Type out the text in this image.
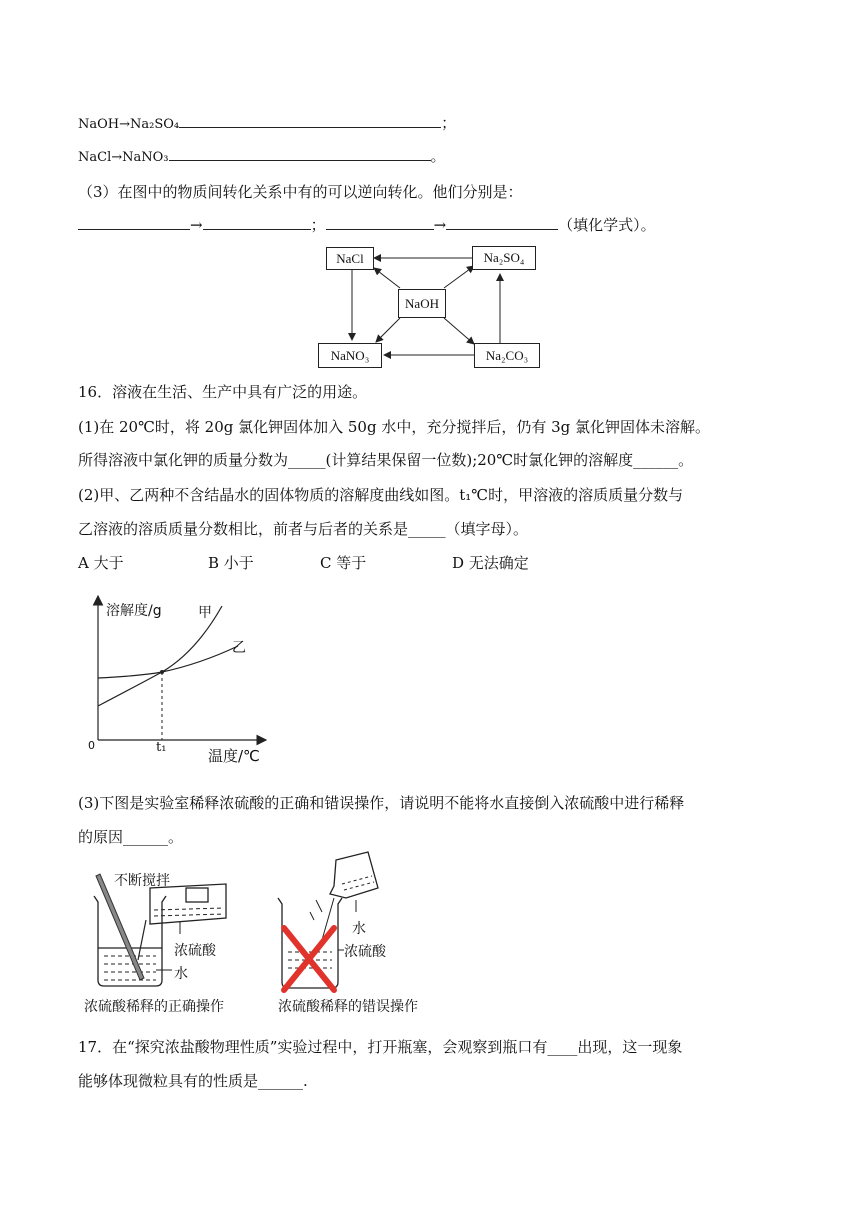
NaOH→Na₂SO₄	；
NaCl→NaNO₃	。
（3）在图中的物质间转化关系中有的可以逆向转化。他们分别是：
→	；	→	（填化学式）。
NaCl	Na₂SO₄
NaOH
NaNO₃	Na₂CO₃
16．溶液在生活、生产中具有广泛的用途。
(1)在 20℃时，将 20g 氯化钾固体加入 50g 水中，充分搅拌后，仍有 3g 氯化钾固体未溶解。
所得溶液中氯化钾的质量分数为_____(计算结果保留一位数);20℃时氯化钾的溶解度______。
(2)甲、乙两种不含结晶水的固体物质的溶解度曲线如图。t₁℃时，甲溶液的溶质质量分数与
乙溶液的溶质质量分数相比，前者与后者的关系是_____（填字母）。
A 大于	B 小于	C 等于	D 无法确定
溶解度/g	甲
乙
0	t₁	温度/℃
(3)下图是实验室稀释浓硫酸的正确和错误操作，请说明不能将水直接倒入浓硫酸中进行稀释
的原因______。
不断搅拌
浓硫酸
水
浓硫酸稀释的正确操作
水
浓硫酸
浓硫酸稀释的错误操作
17．在“探究浓盐酸物理性质”实验过程中，打开瓶塞，会观察到瓶口有____出现，这一现象
能够体现微粒具有的性质是______.
